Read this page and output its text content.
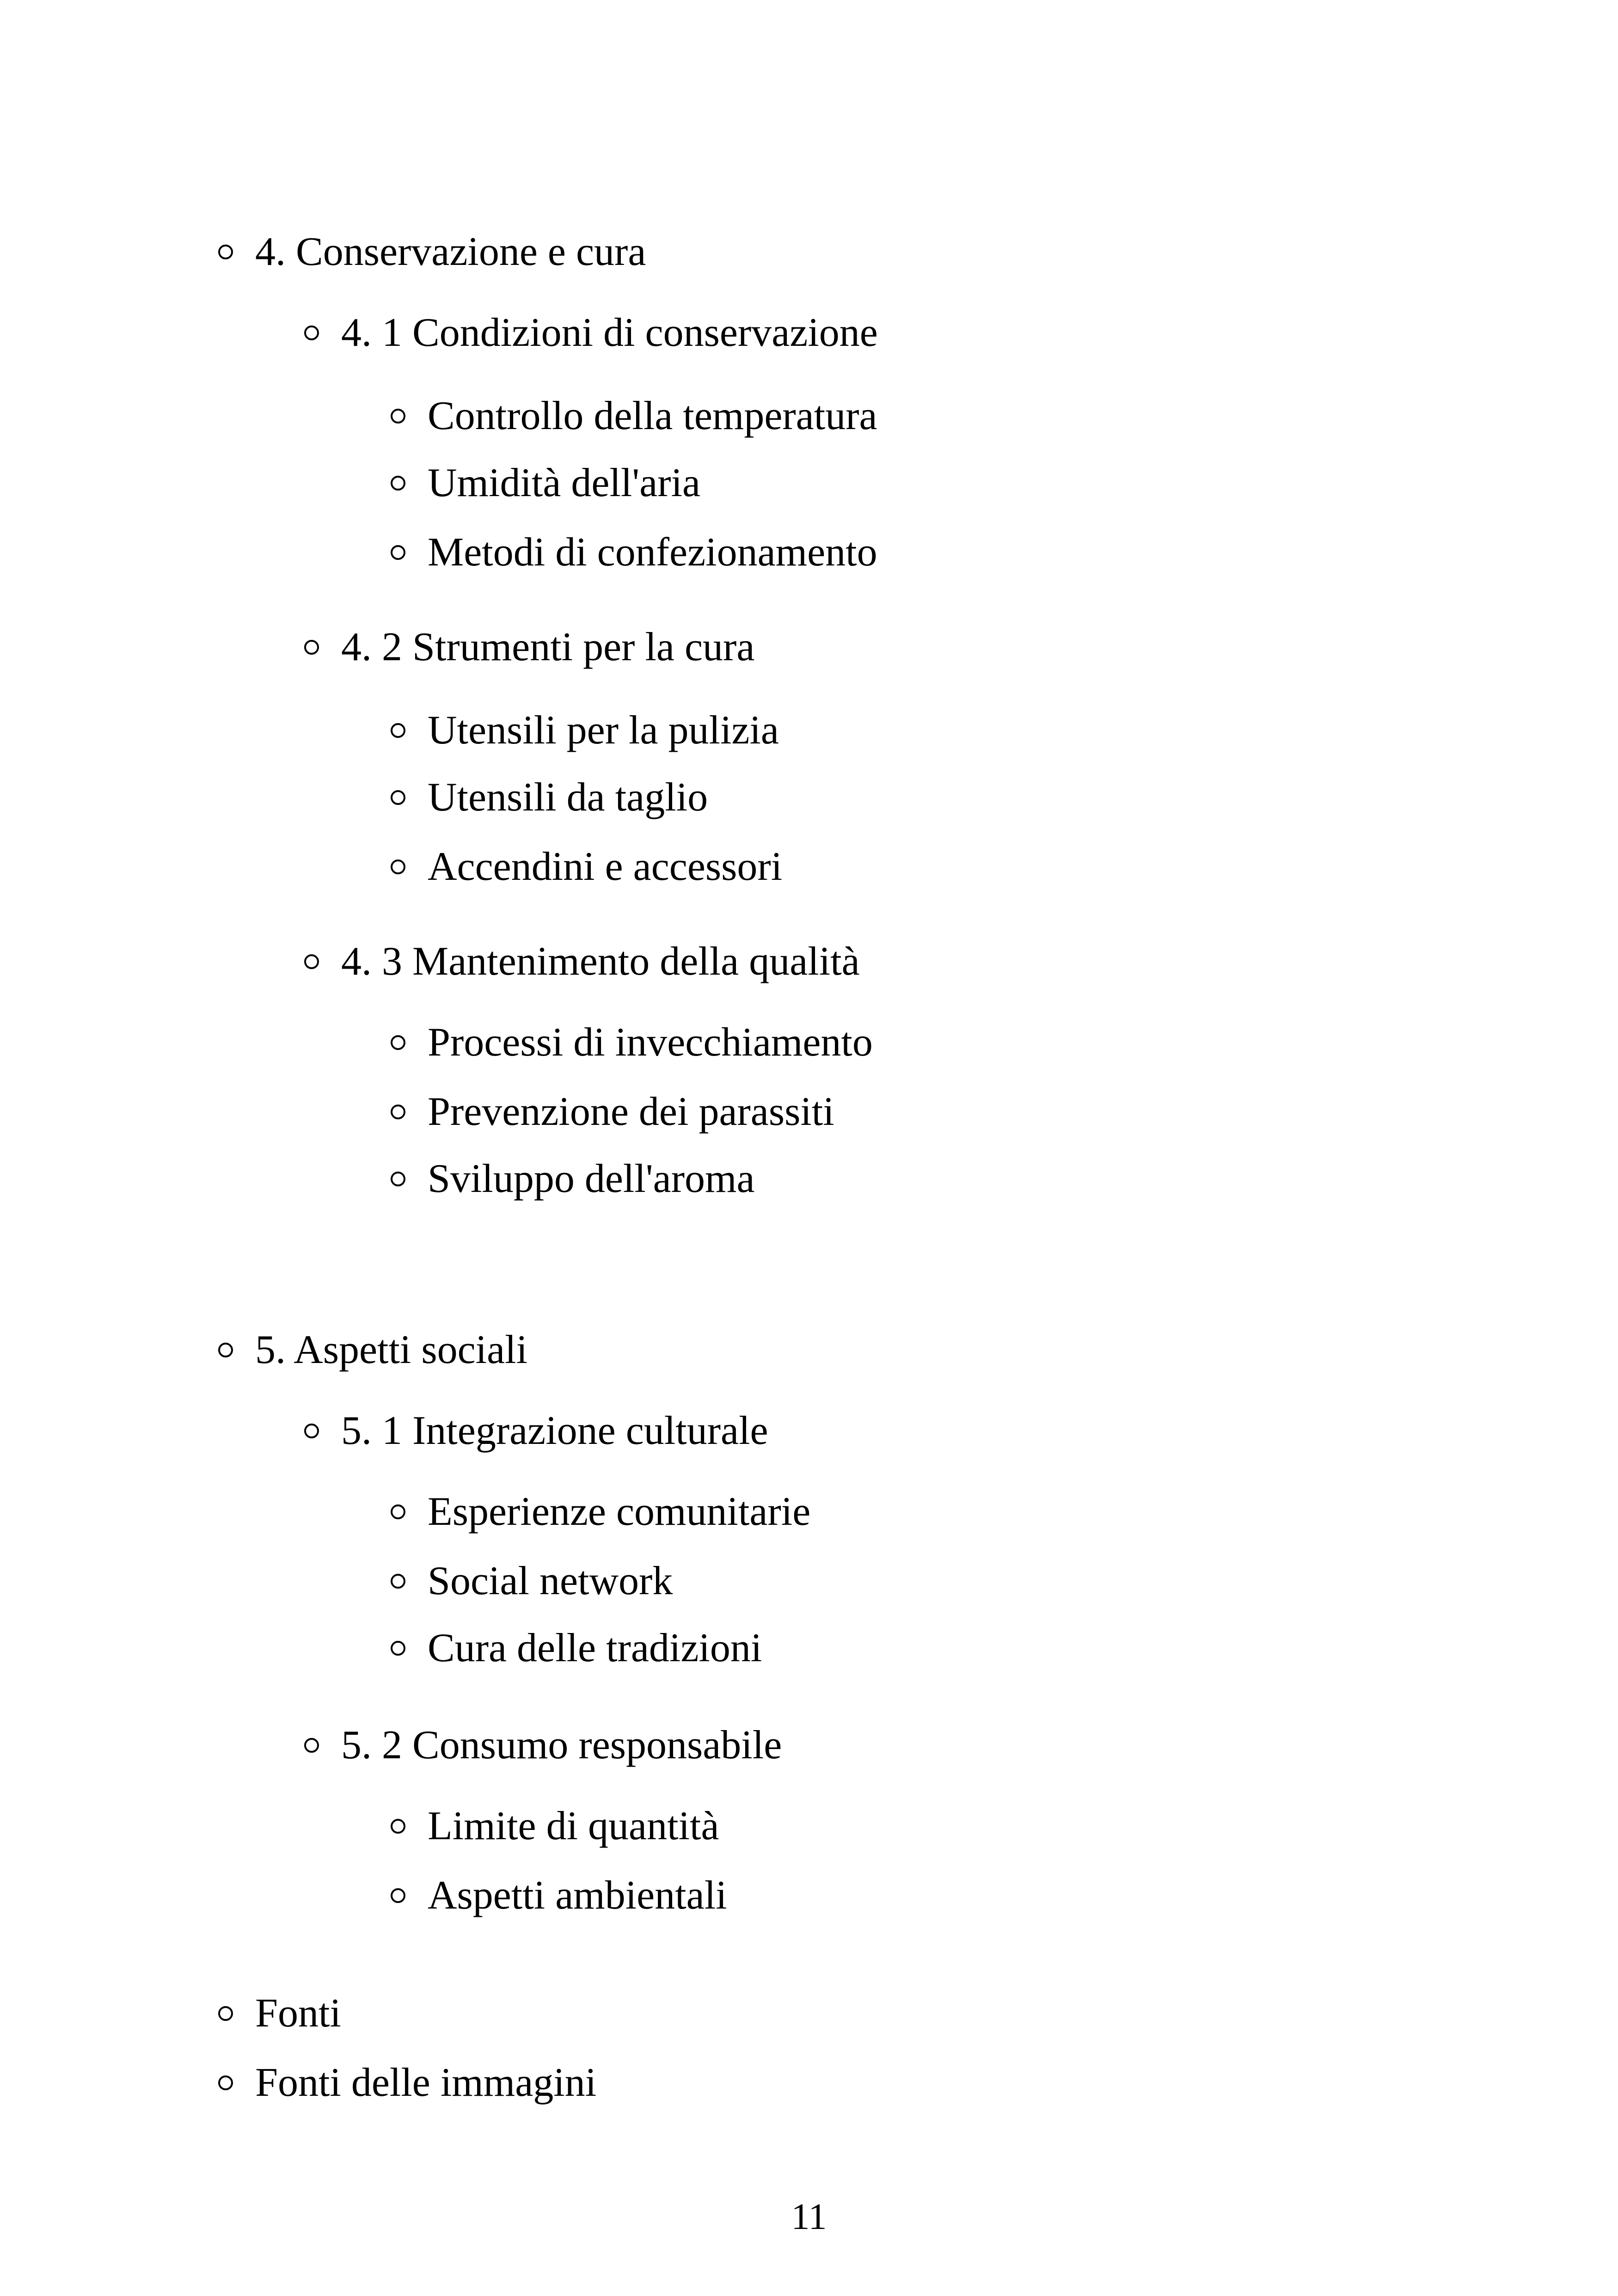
4. Conservazione e cura
4. 1 Condizioni di conservazione
Controllo della temperatura
Umidità dell'aria
Metodi di confezionamento
4. 2 Strumenti per la cura
Utensili per la pulizia
Utensili da taglio
Accendini e accessori
4. 3 Mantenimento della qualità
Processi di invecchiamento
Prevenzione dei parassiti
Sviluppo dell'aroma
5. Aspetti sociali
5. 1 Integrazione culturale
Esperienze comunitarie
Social network
Cura delle tradizioni
5. 2 Consumo responsabile
Limite di quantità
Aspetti ambientali
Fonti
Fonti delle immagini
11
